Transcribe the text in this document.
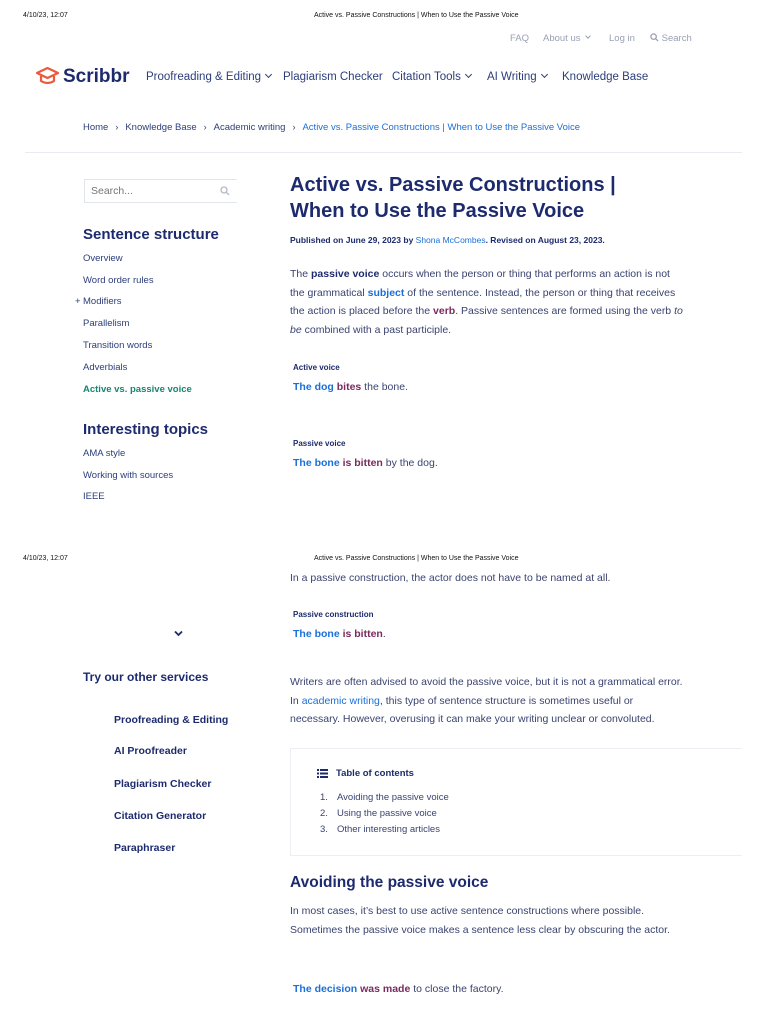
4/10/23, 12:07	Active vs. Passive Constructions | When to Use the Passive Voice
FAQ About us	Log in	Search
Scribbr Proofreading & Editing	Plagiarism Checker Citation Tools	AI Writing	Knowledge Base
Home › Knowledge Base › Academic writing › Active vs. Passive Constructions | When to Use the Passive Voice
Search...
Sentence structure
Overview
Word order rules
+ Modifiers
Parallelism
Transition words
Adverbials
Active vs. passive voice
Interesting topics
AMA style
Working with sources
IEEE
Active vs. Passive Constructions |
When to Use the Passive Voice
Published on June 29, 2023 by Shona McCombes. Revised on August 23, 2023.
The passive voice occurs when the person or thing that performs an action is not the grammatical subject of the sentence. Instead, the person or thing that receives the action is placed before the verb. Passive sentences are formed using the verb to be combined with a past participle.
Active voice
The dog bites the bone.
Passive voice
The bone is bitten by the dog.
4/10/23, 12:07	Active vs. Passive Constructions | When to Use the Passive Voice
In a passive construction, the actor does not have to be named at all.
Passive construction
The bone is bitten.
Try our other services
Proofreading & Editing
AI Proofreader
Plagiarism Checker
Citation Generator
Paraphraser
Writers are often advised to avoid the passive voice, but it is not a grammatical error. In academic writing, this type of sentence structure is sometimes useful or necessary. However, overusing it can make your writing unclear or convoluted.
Table of contents
1. Avoiding the passive voice
2. Using the passive voice
3. Other interesting articles
Avoiding the passive voice
In most cases, it’s best to use active sentence constructions where possible. Sometimes the passive voice makes a sentence less clear by obscuring the actor.
The decision was made to close the factory.
